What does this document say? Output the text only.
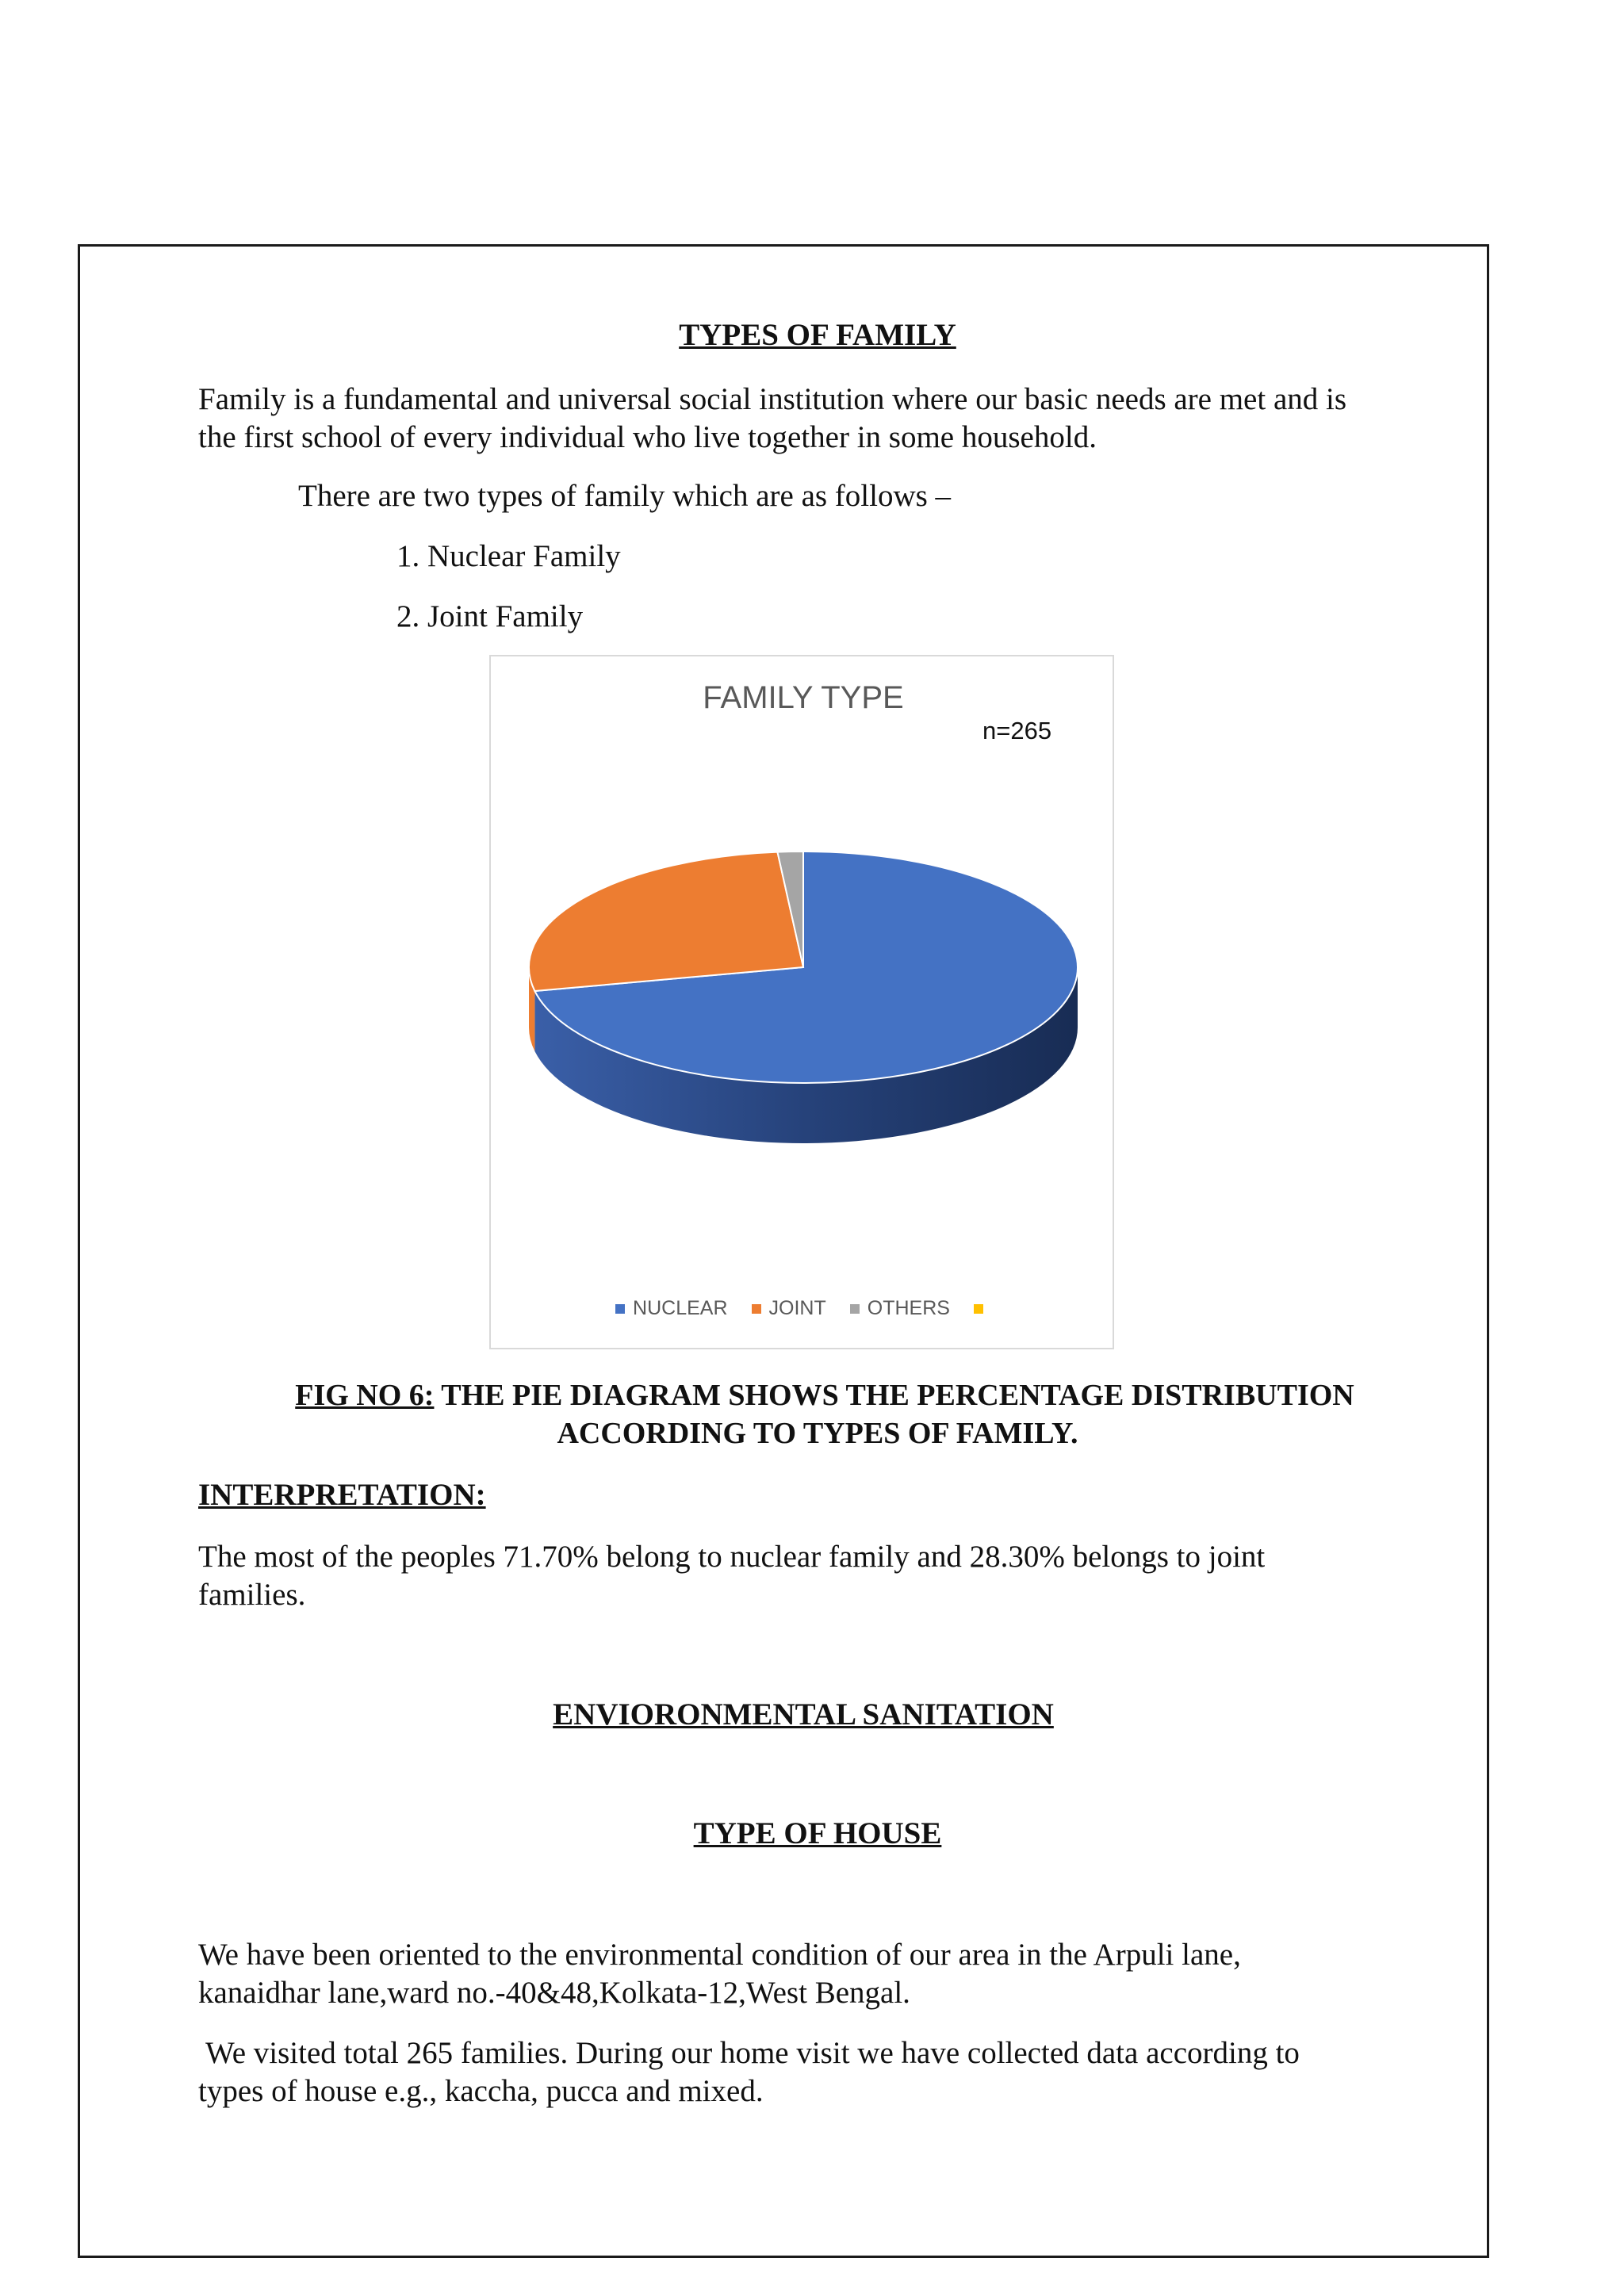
TYPES OF FAMILY
Family is a fundamental and universal social institution where our basic needs are met and is
the first school of every individual who live together in some household.
There are two types of family which are as follows –
1. Nuclear Family
2. Joint Family
FAMILY TYPE
n=265
NUCLEAR JOINT OTHERS
FIG NO 6: THE PIE DIAGRAM SHOWS THE PERCENTAGE DISTRIBUTION
ACCORDING TO TYPES OF FAMILY.
INTERPRETATION:
The most of the peoples 71.70% belong to nuclear family and 28.30% belongs to joint
families.
ENVIORONMENTAL SANITATION
TYPE OF HOUSE
We have been oriented to the environmental condition of our area in the Arpuli lane,
kanaidhar lane,ward no.-40&48,Kolkata-12,West Bengal.
We visited total 265 families. During our home visit we have collected data according to
types of house e.g., kaccha, pucca and mixed.
